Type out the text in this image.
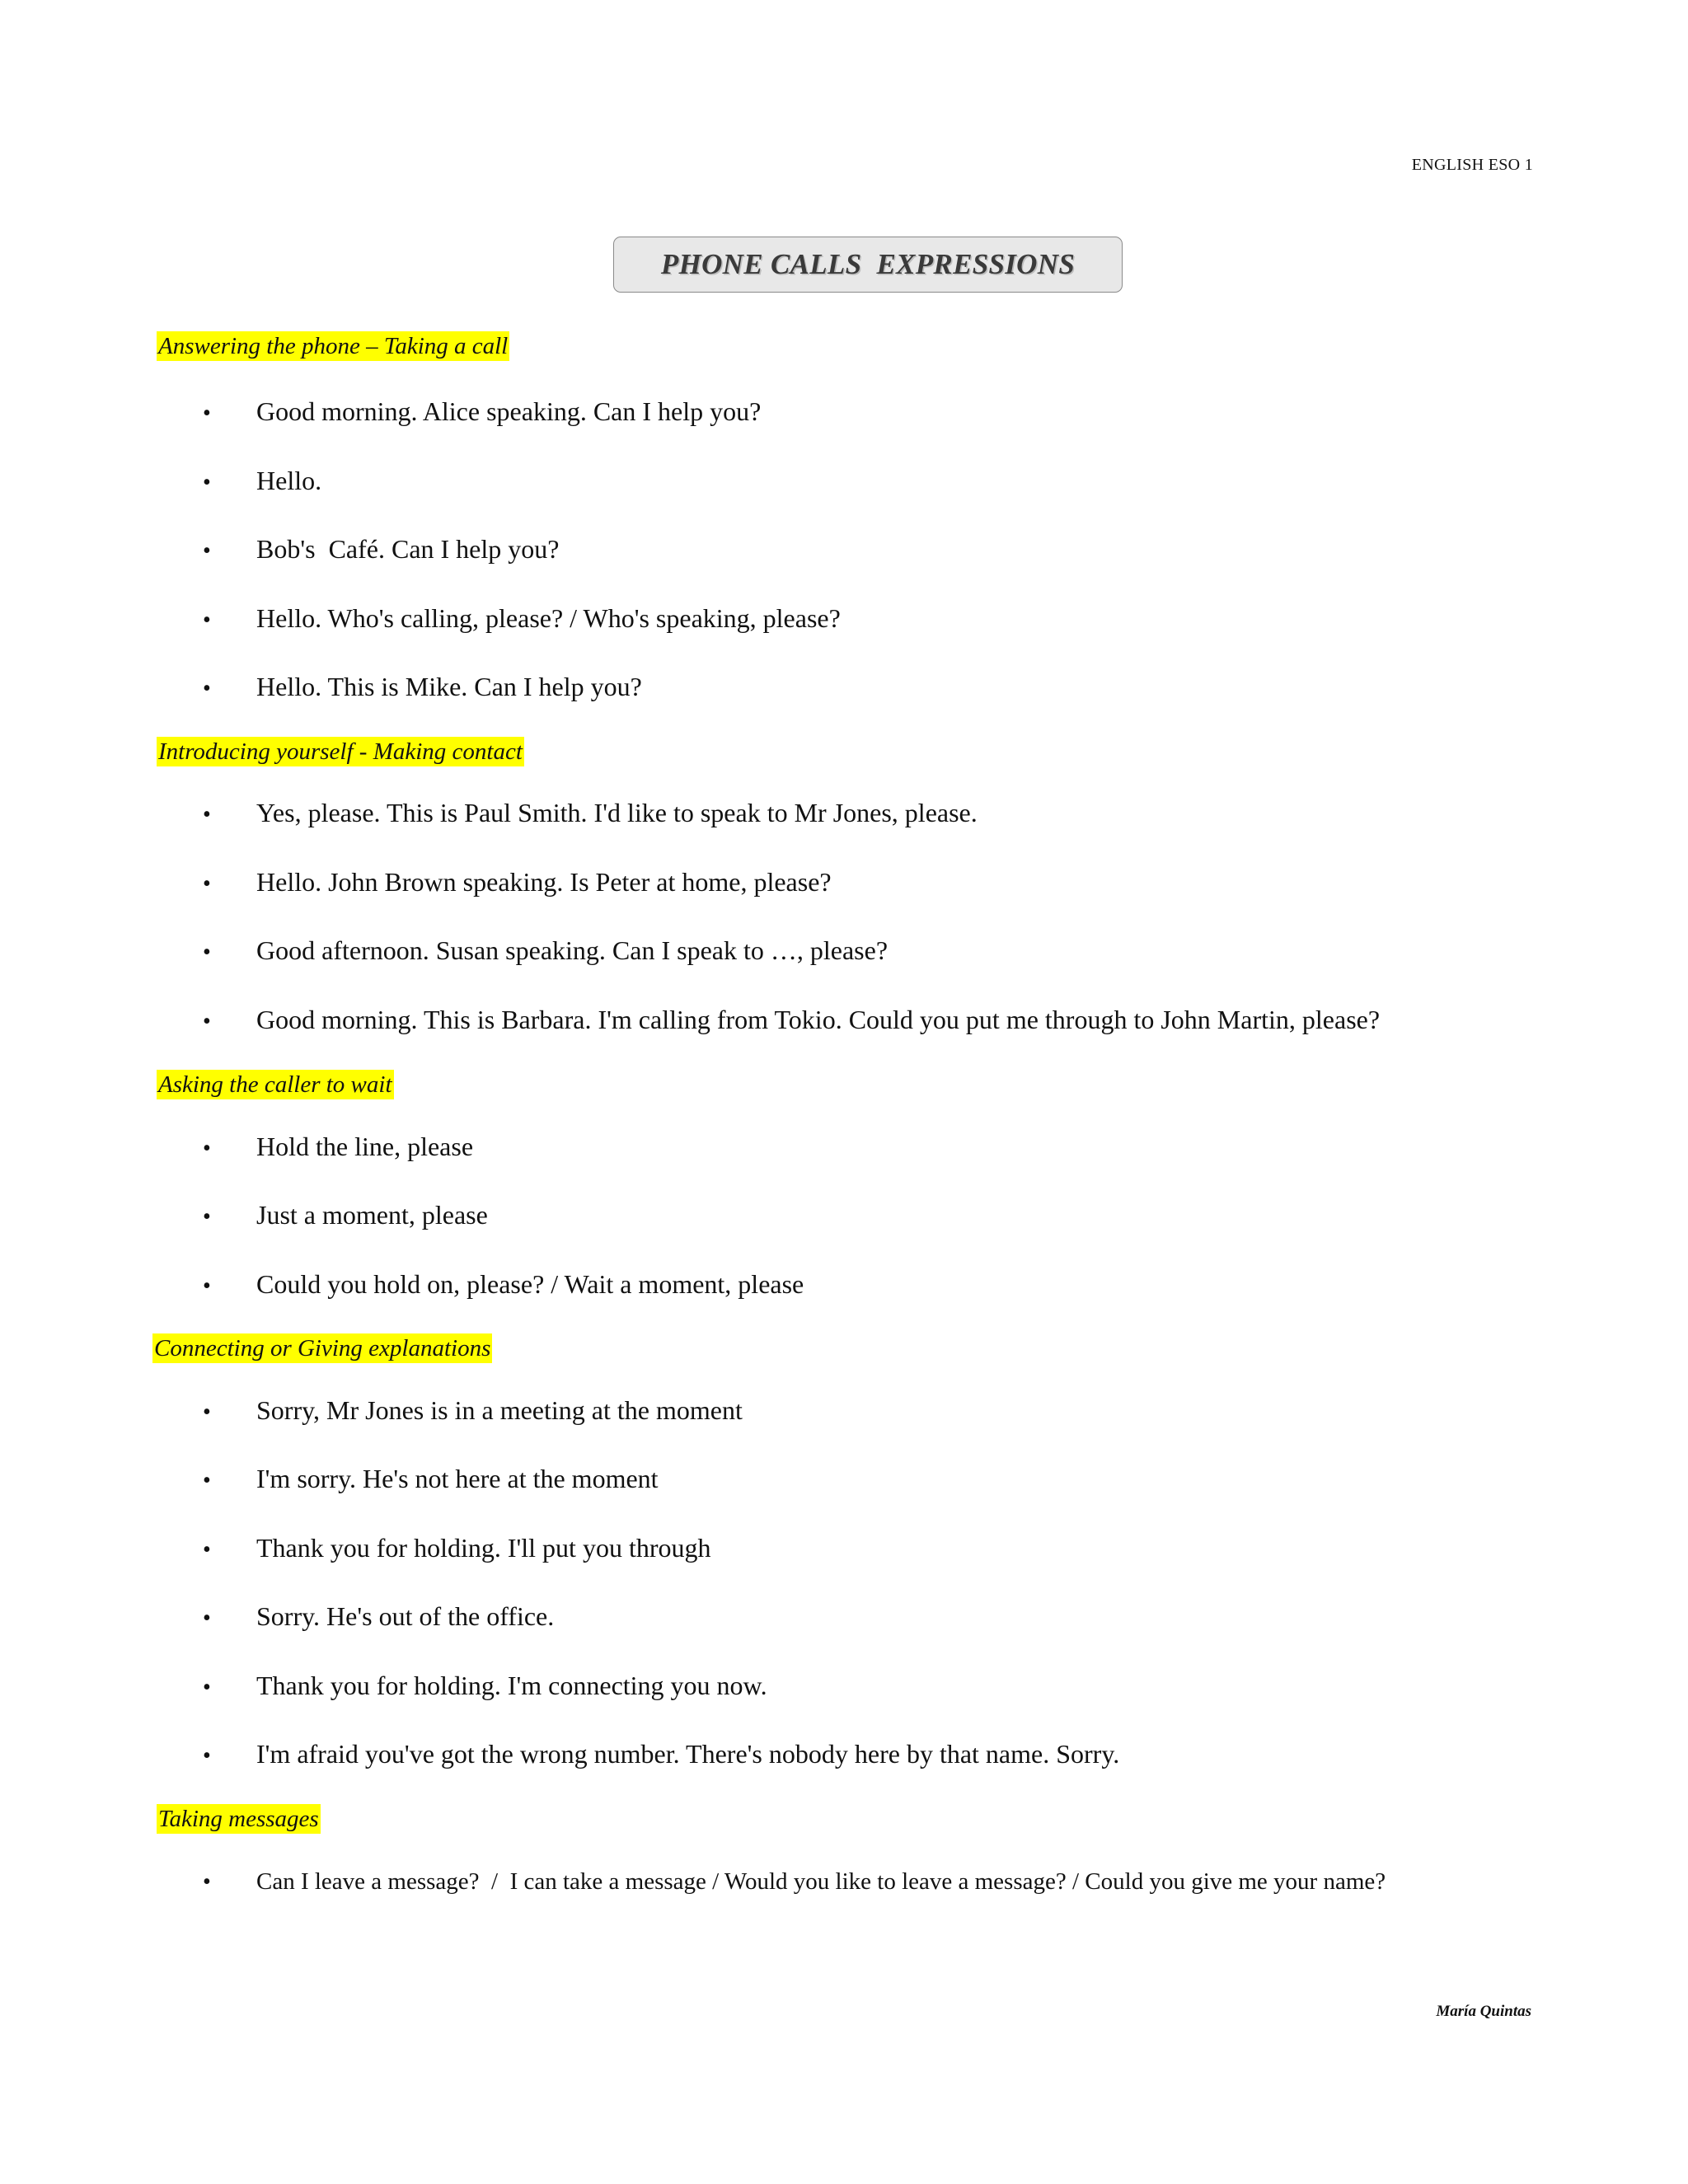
ENGLISH ESO 1
PHONE CALLS  EXPRESSIONS
Answering the phone – Taking a call
• Good morning. Alice speaking. Can I help you?
• Hello.
• Bob's  Café. Can I help you?
• Hello. Who's calling, please? / Who's speaking, please?
• Hello. This is Mike. Can I help you?
Introducing yourself - Making contact
• Yes, please. This is Paul Smith. I'd like to speak to Mr Jones, please.
• Hello. John Brown speaking. Is Peter at home, please?
• Good afternoon. Susan speaking. Can I speak to …, please?
• Good morning. This is Barbara. I'm calling from Tokio. Could you put me through to John Martin, please?
Asking the caller to wait
• Hold the line, please
• Just a moment, please
• Could you hold on, please? / Wait a moment, please
Connecting or Giving explanations
• Sorry, Mr Jones is in a meeting at the moment
• I'm sorry. He's not here at the moment
• Thank you for holding. I'll put you through
• Sorry. He's out of the office.
• Thank you for holding. I'm connecting you now.
• I'm afraid you've got the wrong number. There's nobody here by that name. Sorry.
Taking messages
• Can I leave a message?  /  I can take a message / Would you like to leave a message? / Could you give me your name?
María Quintas
